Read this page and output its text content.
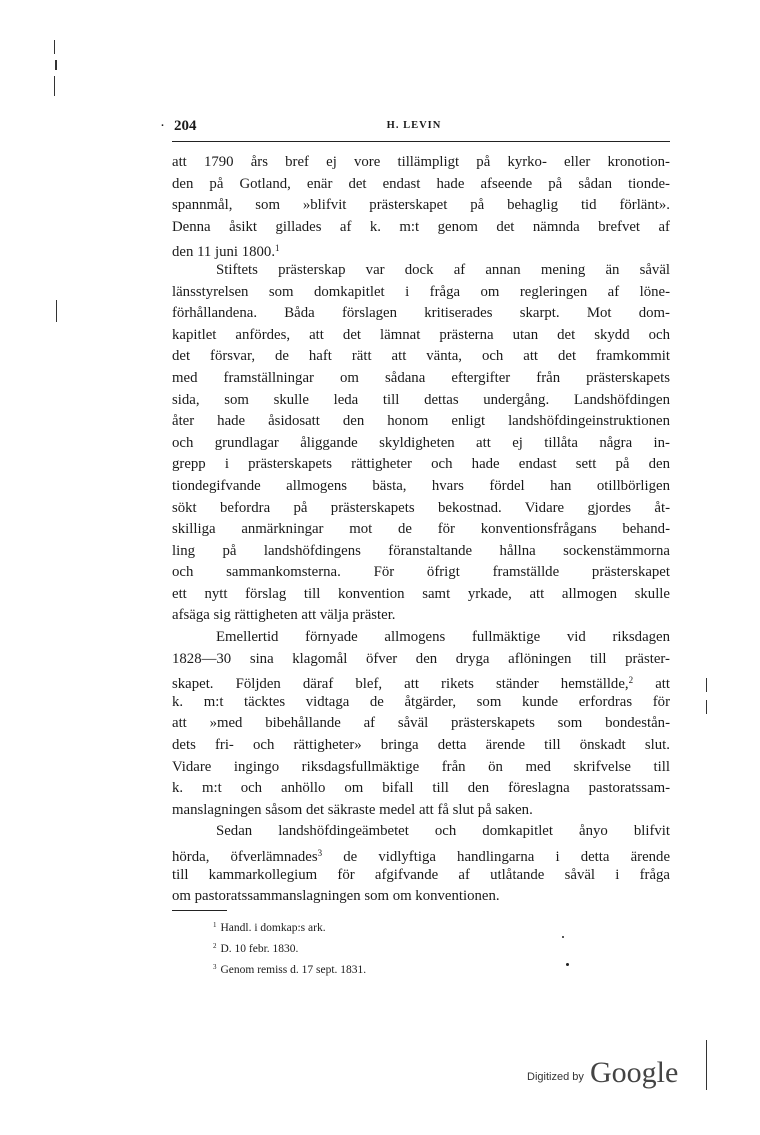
· 204	H. LEVIN
att 1790 års bref ej vore tillämpligt på kyrko- eller kronotion-
den på Gotland, enär det endast hade afseende på sådan tionde-
spannmål, som »blifvit prästerskapet på behaglig tid förlänt».
Denna åsikt gillades af k. m:t genom det nämnda brefvet af
den 11 juni 1800.$^1$
Stiftets prästerskap var dock af annan mening än såväl
länsstyrelsen som domkapitlet i fråga om regleringen af löne-
förhållandena. Båda förslagen kritiserades skarpt. Mot dom-
kapitlet anfördes, att det lämnat prästerna utan det skydd och
det försvar, de haft rätt att vänta, och att det framkommit
med framställningar om sådana eftergifter från prästerskapets
sida, som skulle leda till dettas undergång. Landshöfdingen
åter hade åsidosatt den honom enligt landshöfdingeinstruktionen
och grundlagar åliggande skyldigheten att ej tillåta några in-
grepp i prästerskapets rättigheter och hade endast sett på den
tiondegifvande allmogens bästa, hvars fördel han otillbörligen
sökt befordra på prästerskapets bekostnad. Vidare gjordes åt-
skilliga anmärkningar mot de för konventionsfrågans behand-
ling på landshöfdingens föranstaltande hållna sockenstämmorna
och sammankomsterna. För öfrigt framställde prästerskapet
ett nytt förslag till konvention samt yrkade, att allmogen skulle
afsäga sig rättigheten att välja präster.
Emellertid förnyade allmogens fullmäktige vid riksdagen
1828—30 sina klagomål öfver den dryga aflöningen till präster-
skapet. Följden däraf blef, att rikets ständer hemställde,$^2$ att
k. m:t täcktes vidtaga de åtgärder, som kunde erfordras för
att »med bibehållande af såväl prästerskapets som bondestån-
dets fri- och rättigheter» bringa detta ärende till önskadt slut.
Vidare ingingo riksdagsfullmäktige från ön med skrifvelse till
k. m:t och anhöllo om bifall till den föreslagna pastoratssam-
manslagningen såsom det säkraste medel att få slut på saken.
Sedan landshöfdingeämbetet och domkapitlet ånyo blifvit
hörda, öfverlämnades$^3$ de vidlyftiga handlingarna i detta ärende
till kammarkollegium för afgifvande af utlåtande såväl i fråga
om pastoratssammanslagningen som om konventionen.
$^1$ Handl. i domkap:s ark.
$^2$ D. 10 febr. 1830.
$^3$ Genom remiss d. 17 sept. 1831.
Digitized by Google
